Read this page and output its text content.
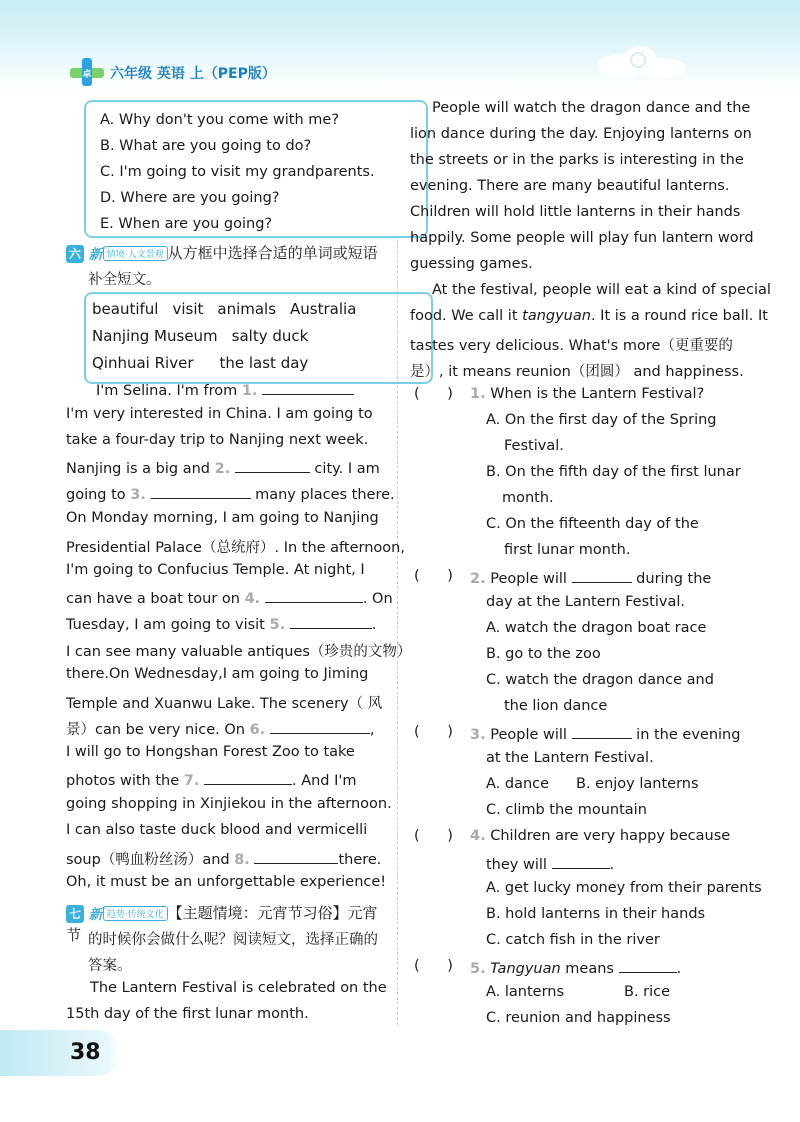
卓 六年级 英语 上（PEP版）
A. Why don't you come with me?
B. What are you going to do?
C. I'm going to visit my grandparents.
D. Where are you going?
E. When are you going?
六 新 情境·人文景观 从方框中选择合适的单词或短语
补全短文。
beautiful visit animals Australia
Nanjing Museum salty duck
Qinhuai River the last day
I'm Selina. I'm from 1.
I'm very interested in China. I am going to
take a four-day trip to Nanjing next week.
Nanjing is a big and 2.	city. I am
going to 3.	many places there.
On Monday morning, I am going to Nanjing
Presidential Palace（总统府）. In the afternoon,
I'm going to Confucius Temple. At night, I
can have a boat tour on 4.	. On
Tuesday, I am going to visit 5.	.
I can see many valuable antiques（珍贵的文物）
there.On Wednesday,I am going to Jiming
Temple and Xuanwu Lake. The scenery（ 风
景）can be very nice. On 6.	,
I will go to Hongshan Forest Zoo to take
photos with the 7.	. And I'm
going shopping in Xinjiekou in the afternoon.
I can also taste duck blood and vermicelli
soup（鸭血粉丝汤）and 8.	there.
Oh, it must be an unforgettable experience!
七 新 趋势·传统文化 【主题情境：元宵节习俗】元宵节 的时候你会做什么呢？阅读短文，选择正确的
答案。
The Lantern Festival is celebrated on the
15th day of the first lunar month.
People will watch the dragon dance and the
lion dance during the day. Enjoying lanterns on
the streets or in the parks is interesting in the
evening. There are many beautiful lanterns.
Children will hold little lanterns in their hands
happily. Some people will play fun lantern word
guessing games.
At the festival, people will eat a kind of special
food. We call it tangyuan. It is a round rice ball. It
tastes very delicious. What's more（更重要的
是）, it means reunion（团圆） and happiness.
(      ) 1. When is the Lantern Festival?
A. On the first day of the Spring
Festival.
B. On the fifth day of the first lunar
month.
C. On the fifteenth day of the
first lunar month.
(      ) 2. People will	during the
day at the Lantern Festival.
A. watch the dragon boat race
B. go to the zoo
C. watch the dragon dance and
the lion dance
(      ) 3. People will	in the evening
at the Lantern Festival.
A. dance B. enjoy lanterns
C. climb the mountain
(      ) 4. Children are very happy because
they will	.
A. get lucky money from their parents
B. hold lanterns in their hands
C. catch fish in the river
(      ) 5. Tangyuan means	.
A. lanterns	B. rice
C. reunion and happiness
38
